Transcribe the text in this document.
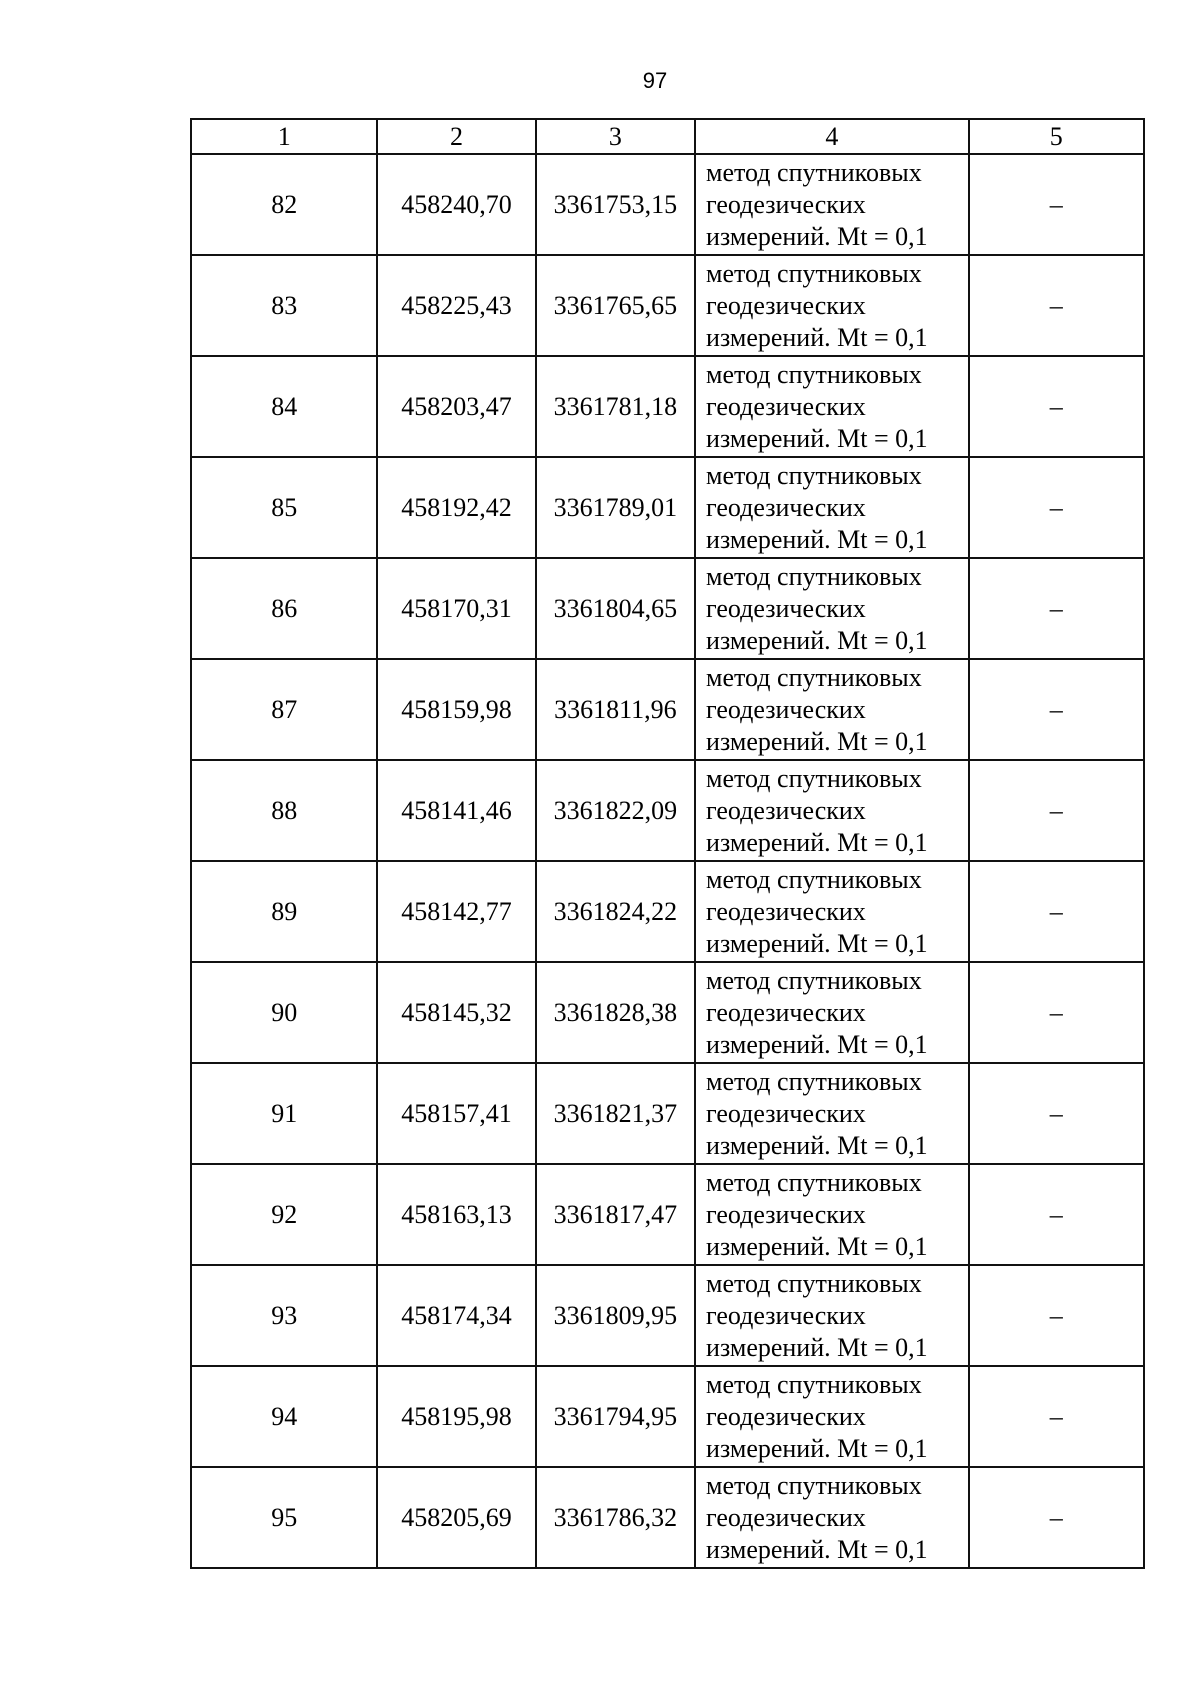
97
1	2	3	4	5
82	458240,70	3361753,15	метод спутниковых
геодезических
измерений. Mt = 0,1	–
83	458225,43	3361765,65	метод спутниковых
геодезических
измерений. Mt = 0,1	–
84	458203,47	3361781,18	метод спутниковых
геодезических
измерений. Mt = 0,1	–
85	458192,42	3361789,01	метод спутниковых
геодезических
измерений. Mt = 0,1	–
86	458170,31	3361804,65	метод спутниковых
геодезических
измерений. Mt = 0,1	–
87	458159,98	3361811,96	метод спутниковых
геодезических
измерений. Mt = 0,1	–
88	458141,46	3361822,09	метод спутниковых
геодезических
измерений. Mt = 0,1	–
89	458142,77	3361824,22	метод спутниковых
геодезических
измерений. Mt = 0,1	–
90	458145,32	3361828,38	метод спутниковых
геодезических
измерений. Mt = 0,1	–
91	458157,41	3361821,37	метод спутниковых
геодезических
измерений. Mt = 0,1	–
92	458163,13	3361817,47	метод спутниковых
геодезических
измерений. Mt = 0,1	–
93	458174,34	3361809,95	метод спутниковых
геодезических
измерений. Mt = 0,1	–
94	458195,98	3361794,95	метод спутниковых
геодезических
измерений. Mt = 0,1	–
95	458205,69	3361786,32	метод спутниковых
геодезических
измерений. Mt = 0,1	–
